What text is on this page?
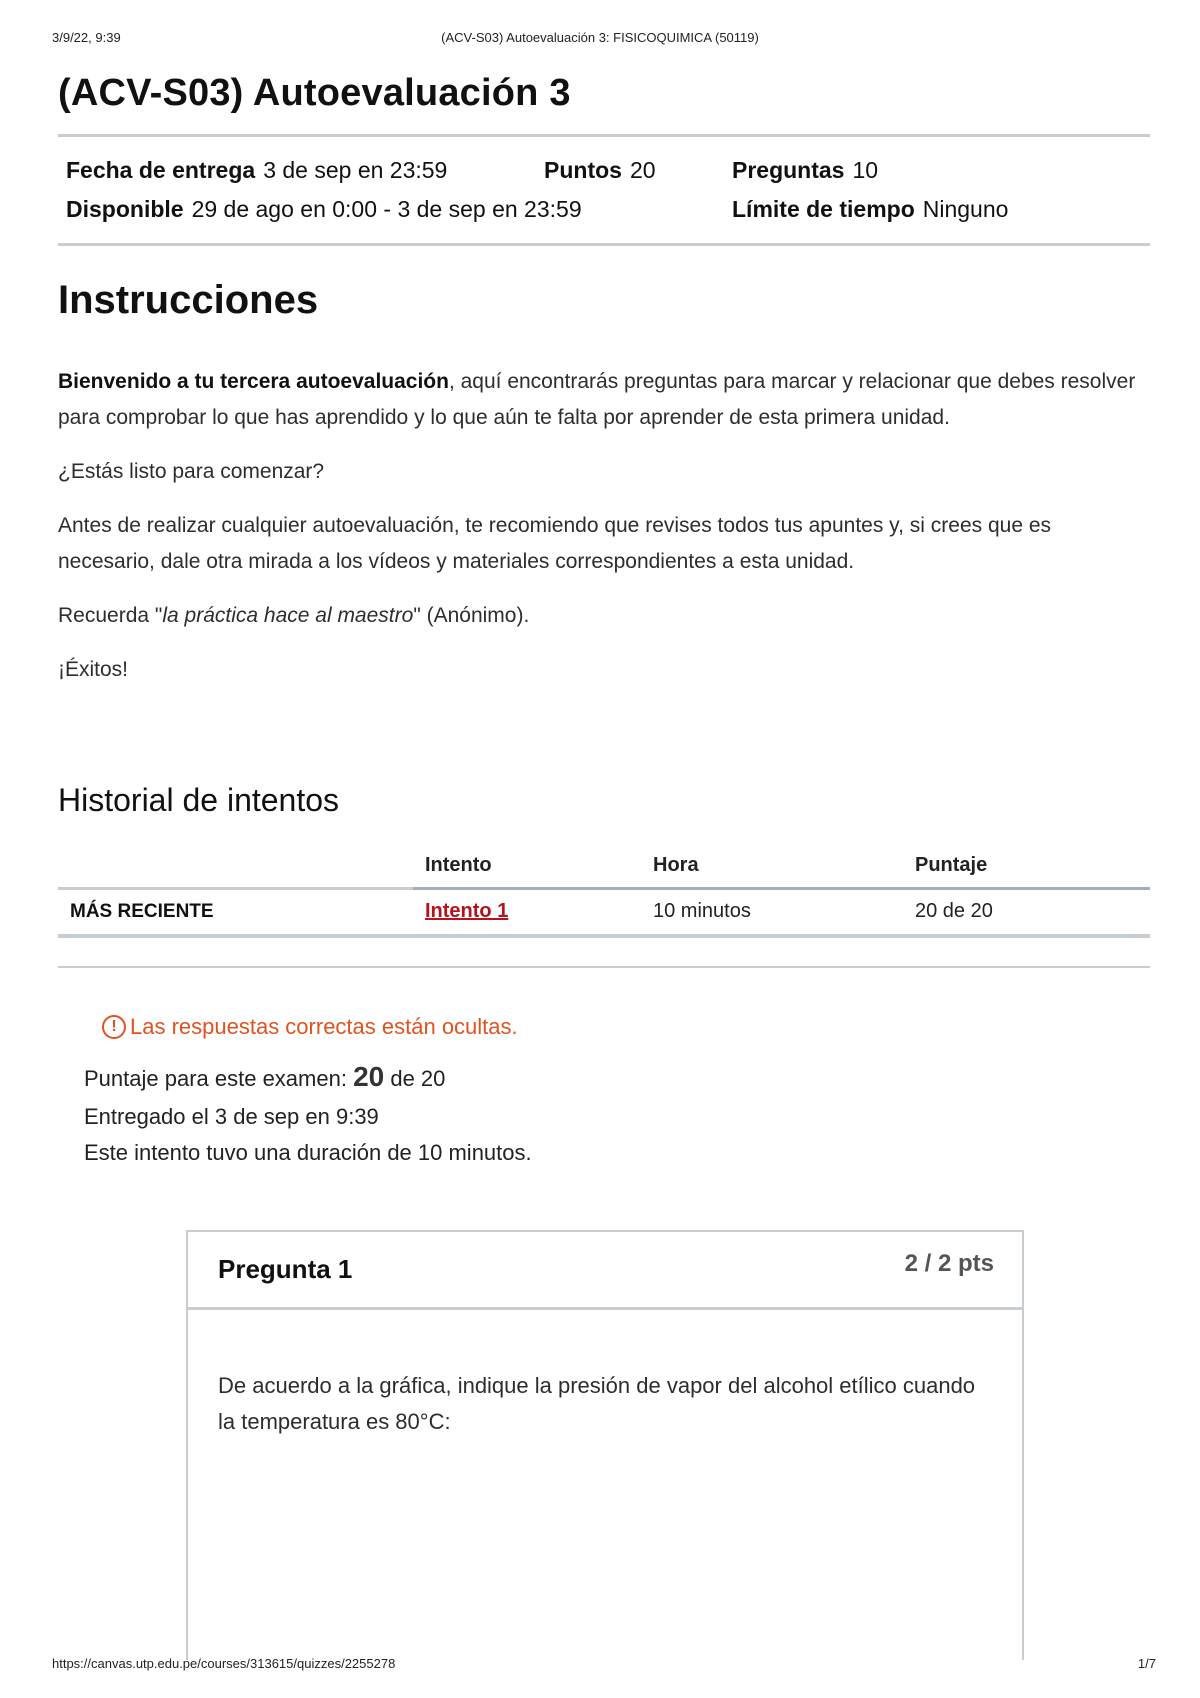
3/9/22, 9:39	(ACV-S03) Autoevaluación 3: FISICOQUIMICA (50119)
(ACV-S03) Autoevaluación 3
Fecha de entrega 3 de sep en 23:59	Puntos 20	Preguntas 10
Disponible 29 de ago en 0:00 - 3 de sep en 23:59	Límite de tiempo Ninguno
Instrucciones

Bienvenido a tu tercera autoevaluación, aquí encontrarás preguntas para marcar y relacionar que debes resolver para comprobar lo que has aprendido y lo que aún te falta por aprender de esta primera unidad.

¿Estás listo para comenzar?

Antes de realizar cualquier autoevaluación, te recomiendo que revises todos tus apuntes y, si crees que es necesario, dale otra mirada a los vídeos y materiales correspondientes a esta unidad.

Recuerda "la práctica hace al maestro" (Anónimo).

¡Éxitos!

Historial de intentos
	Intento	Hora	Puntaje
MÁS RECIENTE	Intento 1	10 minutos	20 de 20
! Las respuestas correctas están ocultas.
Puntaje para este examen: 20 de 20
Entregado el 3 de sep en 9:39
Este intento tuvo una duración de 10 minutos.
Pregunta 1	2 / 2 pts

De acuerdo a la gráfica, indique la presión de vapor del alcohol etílico cuando la temperatura es 80°C:

https://canvas.utp.edu.pe/courses/313615/quizzes/2255278	1/7
